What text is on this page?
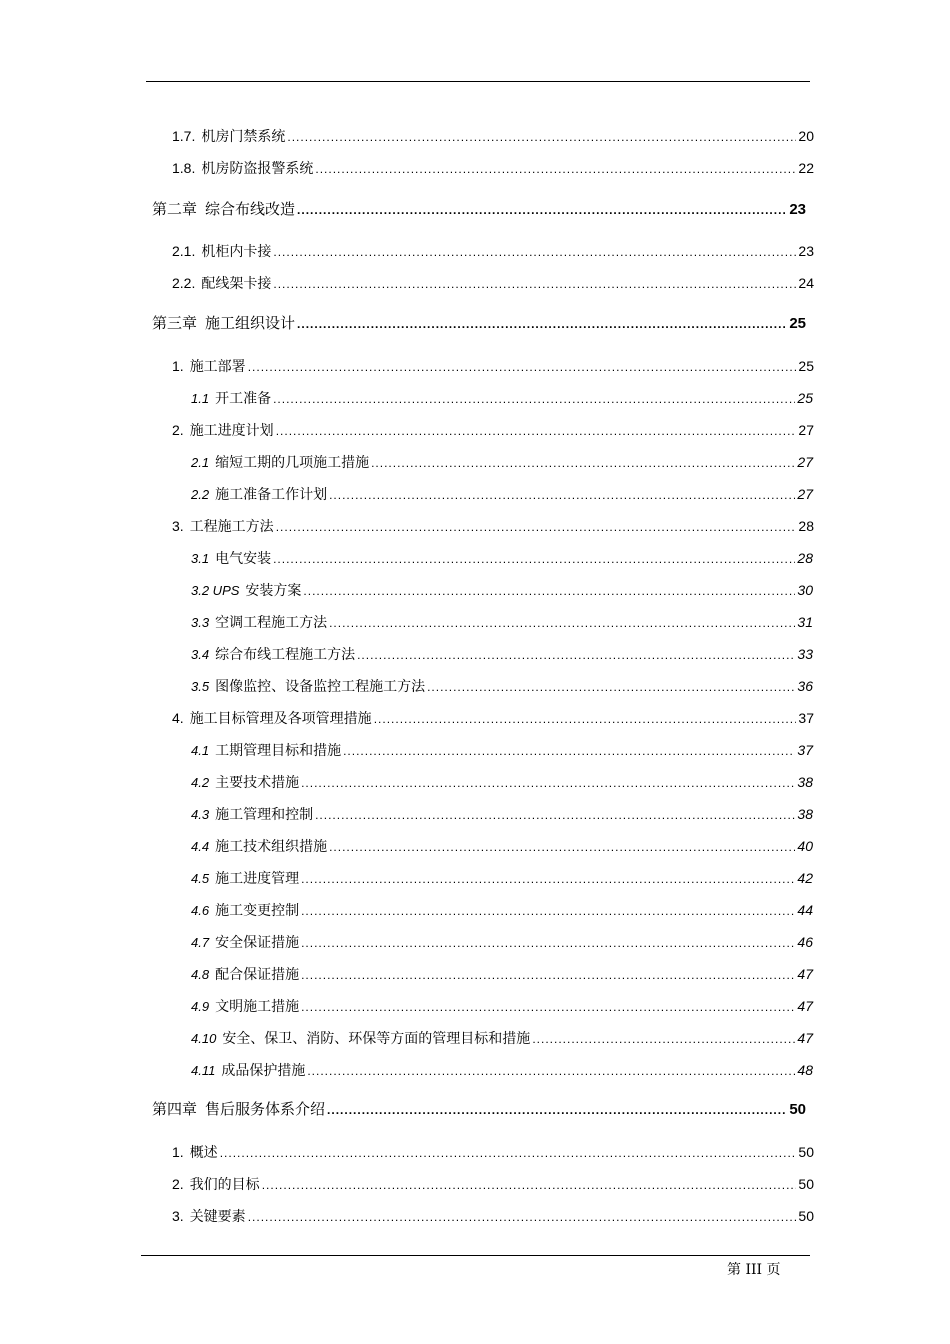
1.7. 机房门禁系统 .....	20
1.8. 机房防盗报警系统 .....	22
第二章 综合布线改造 .....	23
2.1. 机柜内卡接 .....	23
2.2. 配线架卡接 .....	24
第三章 施工组织设计 .....	25
1. 施工部署 .....	25
1.1 开工准备 .....	25
2. 施工进度计划 .....	27
2.1 缩短工期的几项施工措施 .....	27
2.2 施工准备工作计划 .....	27
3. 工程施工方法 .....	28
3.1 电气安装 .....	28
3.2 UPS 安装方案 .....	30
3.3 空调工程施工方法 .....	31
3.4 综合布线工程施工方法 .....	33
3.5 图像监控、设备监控工程施工方法 .....	36
4. 施工目标管理及各项管理措施 .....	37
4.1 工期管理目标和措施 .....	37
4.2 主要技术措施 .....	38
4.3 施工管理和控制 .....	38
4.4 施工技术组织措施 .....	40
4.5 施工进度管理 .....	42
4.6 施工变更控制 .....	44
4.7 安全保证措施 .....	46
4.8 配合保证措施 .....	47
4.9 文明施工措施 .....	47
4.10 安全、保卫、消防、环保等方面的管理目标和措施 .....	47
4.11 成品保护措施 .....	48
第四章 售后服务体系介绍 .....	50
1. 概述 .....	50
2. 我们的目标 .....	50
3. 关键要素 .....	50
第 III 页
